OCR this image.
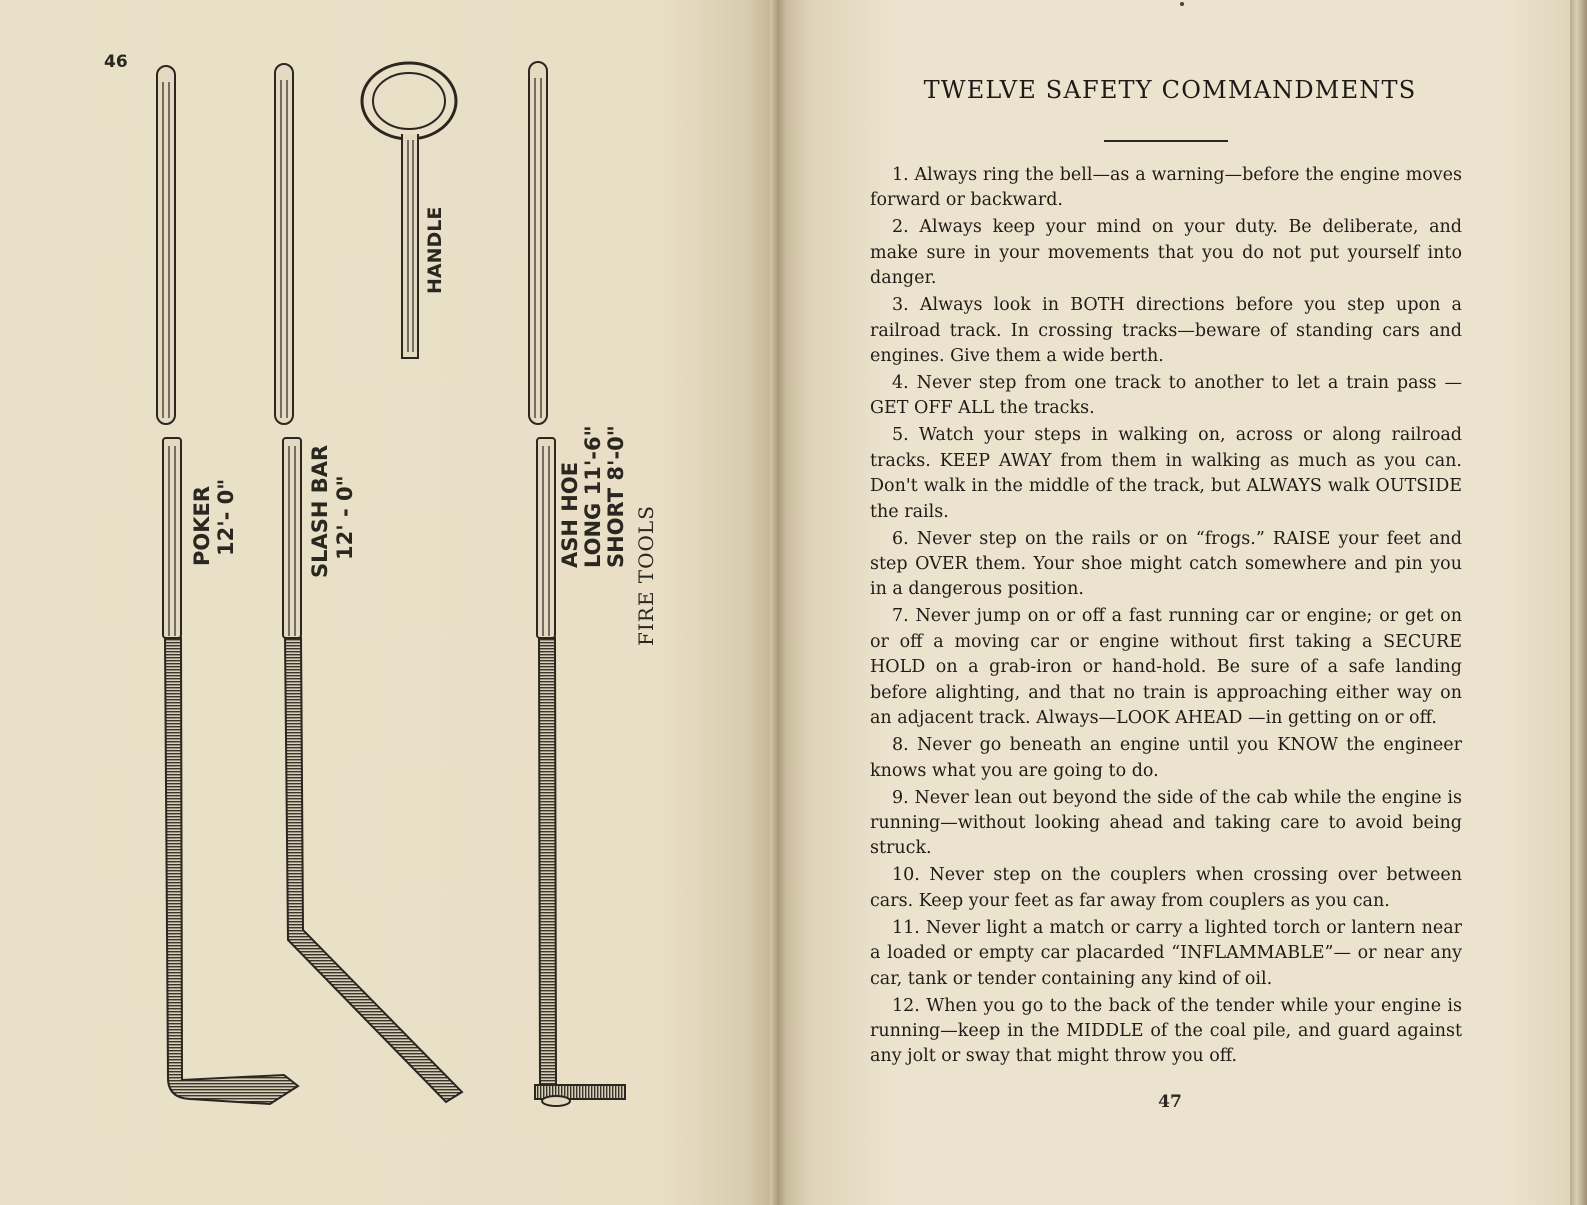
46
POKER 12'- 0"	SLASH BAR 12' - 0"
HANDLE
ASH HOE LONG 11'-6" SHORT 8'-0"
FIRE TOOLS
TWELVE SAFETY COMMANDMENTS

1. Always ring the bell—as a warning—before the engine moves forward or backward.

2. Always keep your mind on your duty. Be deliberate, and make sure in your movements that you do not put yourself into danger.

3. Always look in BOTH directions before you step upon a railroad track. In crossing tracks—beware of standing cars and engines. Give them a wide berth.

4. Never step from one track to another to let a train pass —GET OFF ALL the tracks.

5. Watch your steps in walking on, across or along railroad tracks. KEEP AWAY from them in walking as much as you can. Don't walk in the middle of the track, but ALWAYS walk OUTSIDE the rails.

6. Never step on the rails or on “frogs.” RAISE your feet and step OVER them. Your shoe might catch somewhere and pin you in a dangerous position.

7. Never jump on or off a fast running car or engine; or get on or off a moving car or engine without first taking a SECURE HOLD on a grab-iron or hand-hold. Be sure of a safe landing before alighting, and that no train is approaching either way on an adjacent track. Always—LOOK AHEAD —in getting on or off.

8. Never go beneath an engine until you KNOW the engineer knows what you are going to do.

9. Never lean out beyond the side of the cab while the engine is running—without looking ahead and taking care to avoid being struck.

10. Never step on the couplers when crossing over between cars. Keep your feet as far away from couplers as you can.

11. Never light a match or carry a lighted torch or lantern near a loaded or empty car placarded “INFLAMMABLE”— or near any car, tank or tender containing any kind of oil.

12. When you go to the back of the tender while your engine is running—keep in the MIDDLE of the coal pile, and guard against any jolt or sway that might throw you off.

47
